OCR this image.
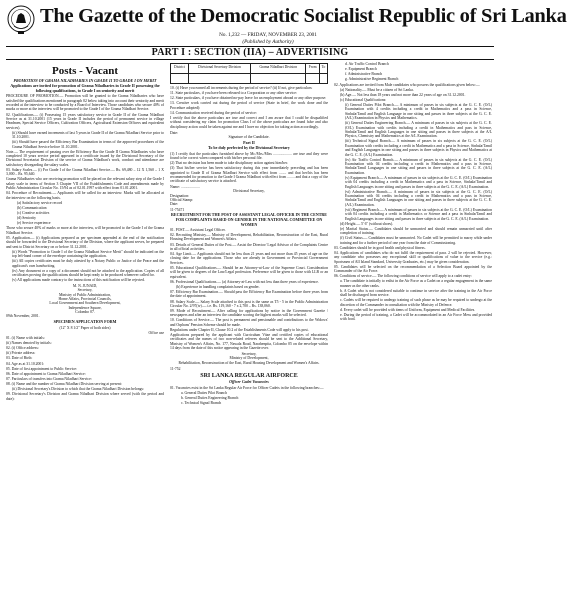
The Gazette of the Democratic Socialist Republic of Sri Lanka
No. 1,232 — FRIDAY, NOVEMBER 23, 2001
(Published by Authority)
PART I : SECTION (IIA) – ADVERTISING
Posts - Vacant

PROMOTION OF GRAMA NILADHARIES IN GRADE II TO GRADE I ON MERIT

Applications are invited for promotion of Grama Niladharies in Grade II possessing the following qualifications, to Grade I on seniority and merit

PROCEDURE OF PROMOTION.— Promotion will be granted to the Grama Niladharies who have satisfied the qualifications mentioned in paragraph 02 below taking into account their seniority and merit recorded at the interview to be conducted by a Board of Interview. Those candidates who secure 40% of marks or more at the interview will be promoted to the Grade I of the Grama Niladhari Service.

02. Qualifications.— (i) Possessing 15 years satisfactory service in Grade II of the Grama Niladhari Service as at 31.10.2001 (15 years in Grade II includes the period of permanent service in village Headmen, Special Service Officers, Cultivation Officers, Agricultural Extension Officers and equivalent services).

(ii) Should have earned increments of last 5 years in Grade II of the Grama Niladhari Service prior to 31.10.2001.

(iii) Should have passed the Efficiency Bar Examination in terms of the approved procedures of the Grama Niladhari Service before 31.10.2001.

Note.— The requirement of passing over the Efficiency Bar the Grade II Grama Niladharies who have completed 10 years service period appeared in a certificate issued by the Divisional Secretary of the Divisional Secretariat Division of the service of Grama Niladhari's work, conduct and attendance are satisfactory disregarding the salary scales.

03. Salary Scales.— (i) For Grade I of the Grama Niladhari Service.— Rs. 69,480 – 12 X 1,560 – 1 X 3,000 – Rs. 95,640.

Grama Niladharies who are receiving promotion will be placed on the relevant salary step of the Grade I salary scale in terms of Section 3 Chapter VII of the Establishments Code and amendments made by Public Administration Circular No. 15/94 as of 02.01.1997 with effect from 01.01.2001.

04. Procedure of Recruitment.— Applicants will be called for an interview. Marks will be allocated at the interview on the following basis.

(a) Satisfactory service record

(b) Communication

(c) Creative activities

(d) Seniority

(e) Service experience

Those who secure 40% of marks or more at the interview, will be promoted to the Grade I of the Grama Niladhari Service.

05. Application.— (i) Applications prepared as per specimen appended at the end of the notification should be forwarded to the Divisional Secretary of the Division, where the applicant serves, be prepared and sent to District Secretary on or before 31.12.2001.

(ii) Words "Promotion to Grade I of the Grama Niladhari Service Merit" should be indicated on the top left-hand corner of the envelope containing the application.

(iii) All copies certificates must be duly attested by a Notary Public or Justice of the Peace and the applicant's own handwriting.

(iv) Any document or a copy of a document should not be attached to the application. Copies of all certificates proving the qualifications should be kept ready to be produced whenever called for.

(v) All applications made contrary to the instructions of this notification will be rejected.

M. N. JUNAID,
Secretary,
Ministry of Public Administration,
Home Affairs, Provincial Councils,
Local Government and Southern Development,
Independence Square,
Colombo 07.
09th November, 2001.

SPECIMEN APPLICATION FORM

(12" X 8 1/2" Paper of both sides)

Office use

01. (i) Name with initials:

(ii) Names denoted by initials:

02. (i) Office address:

(ii) Private address:

03. Date of Birth:

04. Age as at 31.10.2001:

05. Date of first appointment to Public Service:

06. Date of appointment to Grama Niladhari Service:

07. Particulars of transfers into Grama Niladhari Service:

08. (i) Name and the number of Grama Niladhari Division serving at present:

(ii) Divisional Secretary's Division to which that the Grama Niladhari Division belongs:

09. Divisional Secretary's Division and Grama Niladhari Division where served (with the period and date):

District	Divisional Secretary Division	Grama Niladhari Division	From	To

10. (i) Have you earned all increments during the period of service? (ii) If not, give particulars:

11. State particulars, if you have been released to a Corporation or any other service:

12. State particulars, if you have obtained no-pay leave for an employment abroad or any other purpose:

13. Creative work carried out during the period of service (State in brief, the work done and the Procedure adopted):

14. Communication received during the period of service:

I certify that the above particulars are true and correct and I am aware that I could be disqualified without considering my claim for promotion Class I of the above particulars are found false and also disciplinary action could be taken against me and I have no objection for taking action accordingly.

Date:
Signature of the Candidate.

Part II

To be duly perfected by the Divisional Secretary

(1) I certify that the particulars furnished above by Mr./Mrs./Miss .................... are true and they were found to be correct when compared with his/her personal file.

(2) That no decision has been made to take disciplinary action against him/her.

(3) That his/her service has been satisfactory during this year immediately preceding and has been appointed to Grade II of Grama Niladhari Service with effect from ........ and that her/his has been recommended for promotion to the Grade I Grama Niladhari with effect from ........ and that a copy of the certificate of satisfactory service is attached.

Name: ....................
Divisional Secretary,
Designation:
Official Stamp:
Date:

11-75471

RECRUITMENT FOR THE POST OF ASSISTANT LEGAL OFFICER IN THE CENTRE FOR COMPLAINTS BASED ON GENDER IN THE NATIONAL COMMITTEE ON WOMEN

01. POST.— Assistant Legal Officer.

02. Recruiting Ministry.— Ministry of Development, Rehabilitation, Reconstruction of the East, Rural Housing Development and Women's Affairs.

03. Details of General Duties of the Post.— Assist the Director/ Legal Advisor of the Complaints Centre in all official activities.

04. Age Limit.— Applicants should not be less than 21 years and not more than 45 years of age on the closing date for the applications. Those who are already in Government or Provincial Government Services.

05. Educational Qualifications.— Should be an Attorney-at-Law of the Supreme Court. Consideration will be given to degrees of the Law/Legal profession. Preference will be given to those with LLB or an equivalent.

06. Professional Qualifications.— (a) Attorney-at-Law with not less than three years of experience.

(b) Experience in handling complaints based on gender.

07. Efficiency Bar Examination.— Should pass the Efficiency Bar Examination before three years from the date of appointment.

08. Salary Scale.— Salary Scale attached to this post is the same as T5 - 5 in the Public Administration Circular No. 2/97(iv).— i.e. Rs. 119,160 - 7 x 2,700 – Rs. 138,060.

09. Mode of Recruitment.— After calling for applications by notice in the Government Gazette / newspapers and after an interview the candidate scoring the highest marks will be selected.

10. Conditions of Service.— The post is permanent and pensionable and contributions to the Widows' and Orphans' Pension Scheme should be made.

Regulations under Chapter II, Clause 10.2 of the Establishments Code will apply to his post.

Applications prepared by the applicant with Curriculum Vitae and certified copies of educational certificates and the names of two non-related referees should be sent to the Additional Secretary, Ministry of Women's Affairs, No. 177, Nawala Road, Narahenpita, Colombo 05 on the envelope within 14 days from the date of this notice appearing in the Gazette over.

Secretary,
Ministry of Development,
Rehabilitation, Reconstruction of the East, Rural Housing Development and Women's Affairs.

11-752

SRI LANKA REGULAR AIRFORCE

Officer Cadet Vacancies

01. Vacancies exist in the Sri Lanka Regular Air Force for Officer Cadets in the following branches:—

a. General Duties Pilot Branch

b. General Duties Engineering Branch

c. Technical Signal Branch

d. Air Traffic Control Branch

e. Equipment Branch

f. Administrative Branch

g. Administrative Regiment Branch

02. Applications are invited from Male candidates who possess the qualifications given below:—

(a) Nationality.— Must be a citizen of Sri Lanka.

(b) Age.— Not less than 18 years and not more than 22 years of age on 31.12.2001.

(c) Educational Qualifications:

(i) General Duties Pilot Branch.— A minimum of passes in six subjects at the G. C. E. (O/L) Examination with 4 credits including a credit in Mathematics and a pass in Science, Sinhala/Tamil and English Language in one sitting and passes in three subjects at the G. C. E. (A/L) Examination in Physics and Mathematics.

(ii) General Duties Engineering Branch.— A minimum of passes in six subjects at the G. C. E. (O/L) Examination with credits including a credit in Mathematics and pass in Science, Sinhala/Tamil and English Languages in one sitting and passes in three subjects at the A/L Physics, Chemistry and Mathematics at the A/L Examination.

(iii) Technical Signal Branch.— A minimum of passes in six subjects at the G. C. E. (O/L) Examination with credits including a credit in Mathematics and a pass in Science, Sinhala/Tamil and English Languages in one sitting and passes in three subjects in Physics and Mathematics at the G. C. E. (A/L) Examination.

(iv) Air Traffic Control Branch.— A minimum of passes in six subjects at the G. C. E. (O/L) Examination with 04 credits including a credit in Mathematics and a pass in Science, Sinhala/Tamil Languages in one sitting and passes in three subjects at the G. C. E. (A/L) Examination.

(v) Equipment Branch.— A minimum of passes in six subjects at the G. C. E. (O/L) Examination with 04 credits including a credit in Mathematics and a pass in Science, Sinhala/Tamil and English Languages in one sitting and passes in three subjects at the G. C. E. (A/L) Examination.

(vi) Administrative Branch.— A minimum of passes in six subjects at the G. C. E. (O/L) Examination with 04 credits including a credit in Mathematics and a pass in Science, Sinhala/Tamil and English Languages in one sitting and passes in three subjects at the G. C. E. (A/L) Examination.

(vii) Regiment Branch.— A minimum of passes in six subjects at the G. C. E. (O/L) Examination with 04 credits including a credit in Mathematics or Science and a pass in Sinhala/Tamil and English Languages in one sitting and passes in three subjects at the G. C. E. (A/L) Examination.

(d) Height.— 5' 6" (without shoes).

(e) Marital Status.— Candidates should be unmarried and should remain unmarried until after completion of training.

(f) Civil Status.— Candidates must be unmarried. No Cadet will be permitted to marry while under training and for a further period of one year from the date of Commissioning.

03. Candidates should be in good health and physical fitness.

04. Applications of candidates who do not fulfil the requirement of para. 2 will be rejected. However, any candidate who possesses any exceptional skill or qualifications of value to the service (e.g.: Sportsmen of All Island Standard, University Graduates, etc.) may be given consideration.

05. Candidates will be selected on the recommendation of a Selection Board appointed by the Commander of the Air Force.

06. Conditions of service.— The following conditions of service will apply to a cadet entry:

a. The candidate is initially to enlist in the Air Force as a Cadet on a regular engagement in the same manner as the other ranks.

b. A Cadet who is not considered suitable to continue in service after the training in the Air Force shall be discharged from service.

c. Cadets will be required to undergo training of such phase as he may be required to undergo at the discretion of the Commander in consultation with the Ministry of Defence.

d. Every cadet will be provided with items of Uniform, Equipment and Medical Facilities.

e. During the period of training, a Cadet will be accommodated in an Air Force Mess and provided with food.
